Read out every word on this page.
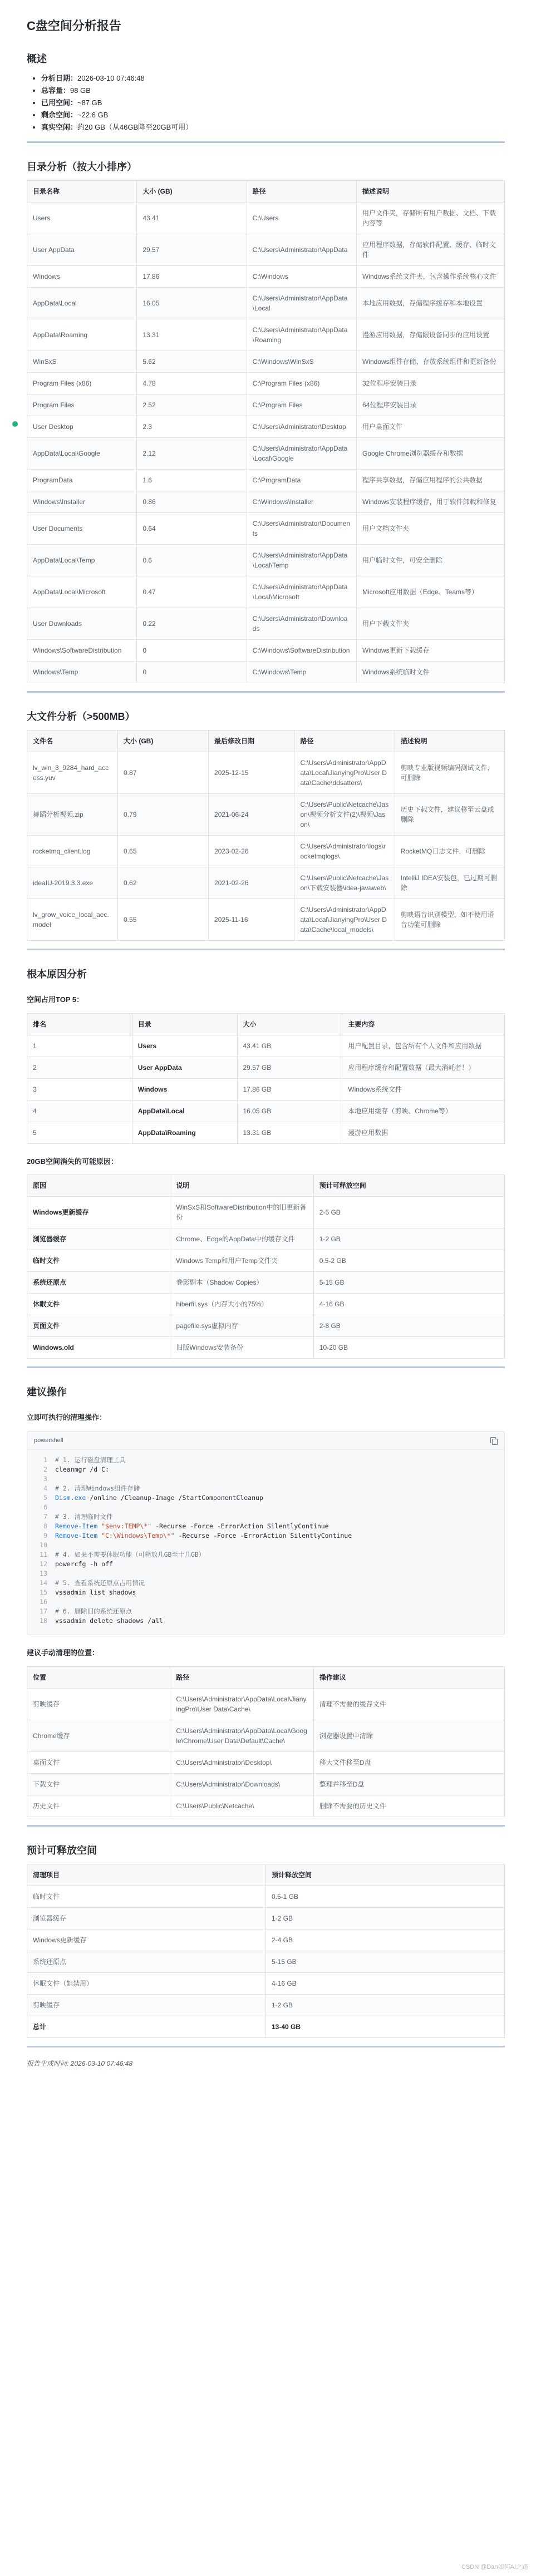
C盘空间分析报告
概述
• 分析日期：2026-03-10 07:46:48
• 总容量：98 GB
• 已用空间：~87 GB
• 剩余空间：~22.6 GB
• 真实空闲：约20 GB（从46GB降至20GB可用）
目录分析（按大小排序）
目录名称	大小 (GB)	路径	描述说明
Users	43.41	C:\Users	用户文件夹，存储所有用户数据、文档、下载内容等
User AppData	29.57	C:\Users\Administrator\AppData	应用程序数据，存储软件配置、缓存、临时文件
Windows	17.86	C:\Windows	Windows系统文件夹，包含操作系统核心文件
AppData\Local	16.05	C:\Users\Administrator\AppData\Local	本地应用数据，存储程序缓存和本地设置
AppData\Roaming	13.31	C:\Users\Administrator\AppData\Roaming	漫游应用数据，存储跟设备同步的应用设置
WinSxS	5.62	C:\Windows\WinSxS	Windows组件存储，存放系统组件和更新备份
Program Files (x86)	4.78	C:\Program Files (x86)	32位程序安装目录
Program Files	2.52	C:\Program Files	64位程序安装目录
User Desktop	2.3	C:\Users\Administrator\Desktop	用户桌面文件
AppData\Local\Google	2.12	C:\Users\Administrator\AppData\Local\Google	Google Chrome浏览器缓存和数据
ProgramData	1.6	C:\ProgramData	程序共享数据，存储应用程序的公共数据
Windows\Installer	0.86	C:\Windows\Installer	Windows安装程序缓存，用于软件卸载和修复
User Documents	0.64	C:\Users\Administrator\Documents	用户文档文件夹
AppData\Local\Temp	0.6	C:\Users\Administrator\AppData\Local\Temp	用户临时文件，可安全删除
AppData\Local\Microsoft	0.47	C:\Users\Administrator\AppData\Local\Microsoft	Microsoft应用数据（Edge、Teams等）
User Downloads	0.22	C:\Users\Administrator\Downloads	用户下载文件夹
Windows\SoftwareDistribution	0	C:\Windows\SoftwareDistribution	Windows更新下载缓存
Windows\Temp	0	C:\Windows\Temp	Windows系统临时文件
大文件分析（>500MB）
文件名	大小 (GB)	最后修改日期	路径	描述说明
lv_win_3_9284_hard_access.yuv	0.87	2025-12-15	C:\Users\Administrator\AppData\Local\JianyingPro\User Data\Cache\ddsatters\	剪映专业版视频编码测试文件，可删除
舞蹈分析视频.zip	0.79	2021-06-24	C:\Users\Public\Netcache\Jason\视频分析文件(2)\视频\Jason\	历史下载文件，建议移至云盘或删除
rocketmq_client.log	0.65	2023-02-26	C:\Users\Administrator\logs\rocketmqlogs\	RocketMQ日志文件，可删除
ideaIU-2019.3.3.exe	0.62	2021-02-26	C:\Users\Public\Netcache\Jason\下载安装器\idea-javaweb\	IntelliJ IDEA安装包，已过期可删除
lv_grow_voice_local_aec.model	0.55	2025-11-16	C:\Users\Administrator\AppData\Local\JianyingPro\User Data\Cache\local_models\	剪映语音识别模型，如不使用语音功能可删除
根本原因分析
空间占用TOP 5：
排名	目录	大小	主要内容
1	Users	43.41 GB	用户配置目录，包含所有个人文件和应用数据
2	User AppData	29.57 GB	应用程序缓存和配置数据（最大消耗者！）
3	Windows	17.86 GB	Windows系统文件
4	AppData\Local	16.05 GB	本地应用缓存（剪映、Chrome等）
5	AppData\Roaming	13.31 GB	漫游应用数据
20GB空间消失的可能原因：
原因	说明	预计可释放空间
Windows更新缓存	WinSxS和SoftwareDistribution中的旧更新备份	2-5 GB
浏览器缓存	Chrome、Edge的AppData中的缓存文件	1-2 GB
临时文件	Windows Temp和用户Temp文件夹	0.5-2 GB
系统还原点	卷影副本（Shadow Copies）	5-15 GB
休眠文件	hiberfil.sys（内存大小的75%）	4-16 GB
页面文件	pagefile.sys虚拟内存	2-8 GB
Windows.old	旧版Windows安装备份	10-20 GB
建议操作
立即可执行的清理操作：
powershell
1 # 1. 运行磁盘清理工具
2 cleanmgr /d C:
3
4 # 2. 清理Windows组件存储
5 Dism.exe /online /Cleanup-Image /StartComponentCleanup
6
7 # 3. 清理临时文件
8 Remove-Item "$env:TEMP\*" -Recurse -Force -ErrorAction SilentlyContinue
9 Remove-Item "C:\Windows\Temp\*" -Recurse -Force -ErrorAction SilentlyContinue
10
11 # 4. 如果不需要休眠功能（可释放几GB至十几GB）
12 powercfg -h off
13
14 # 5. 查看系统还原点占用情况
15 vssadmin list shadows
16
17 # 6. 删除旧的系统还原点
18 vssadmin delete shadows /all
建议手动清理的位置：
位置	路径	操作建议
剪映缓存	C:\Users\Administrator\AppData\Local\JianyingPro\User Data\Cache\	清理不需要的缓存文件
Chrome缓存	C:\Users\Administrator\AppData\Local\Google\Chrome\User Data\Default\Cache\	浏览器设置中清除
桌面文件	C:\Users\Administrator\Desktop\	移大文件移至D盘
下载文件	C:\Users\Administrator\Downloads\	整理并移至D盘
历史文件	C:\Users\Public\Netcache\	删除不需要的历史文件
预计可释放空间
清理项目	预计释放空间
临时文件	0.5-1 GB
浏览器缓存	1-2 GB
Windows更新缓存	2-4 GB
系统还原点	5-15 GB
休眠文件（如禁用）	4-16 GB
剪映缓存	1-2 GB
总计	13-40 GB

报告生成时间: 2026-03-10 07:46:48

CSDN @Dan如何AI之路
